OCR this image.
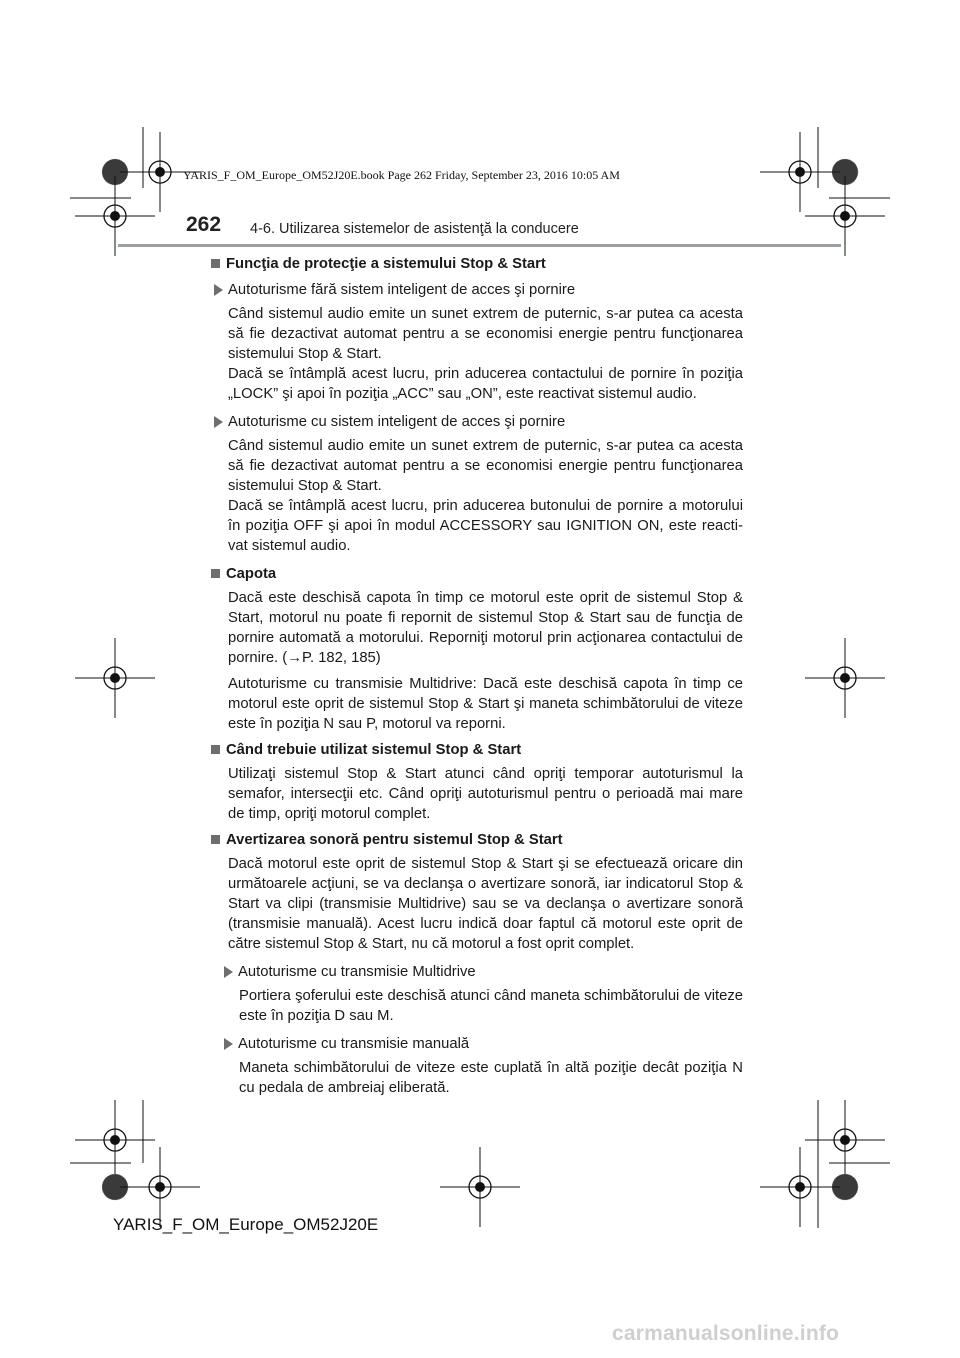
YARIS_F_OM_Europe_OM52J20E.book Page 262 Friday, September 23, 2016 10:05 AM
262 4-6. Utilizarea sistemelor de asistenţă la conducere
Funcţia de protecţie a sistemului Stop & Start
Autoturisme fără sistem inteligent de acces şi pornire
Când sistemul audio emite un sunet extrem de puternic, s-ar putea ca acesta să fie dezactivat automat pentru a se economisi energie pentru funcţionarea sistemului Stop & Start.
Dacă se întâmplă acest lucru, prin aducerea contactului de pornire în poziţia „LOCK” şi apoi în poziţia „ACC” sau „ON”, este reactivat sistemul audio.
Autoturisme cu sistem inteligent de acces şi pornire
Când sistemul audio emite un sunet extrem de puternic, s-ar putea ca acesta să fie dezactivat automat pentru a se economisi energie pentru funcţionarea sistemului Stop & Start.
Dacă se întâmplă acest lucru, prin aducerea butonului de pornire a motorului în poziţia OFF şi apoi în modul ACCESSORY sau IGNITION ON, este reacti-vat sistemul audio.
Capota
Dacă este deschisă capota în timp ce motorul este oprit de sistemul Stop & Start, motorul nu poate fi repornit de sistemul Stop & Start sau de funcţia de pornire automată a motorului. Reporniţi motorul prin acţionarea contactului de pornire. (→P. 182, 185)
Autoturisme cu transmisie Multidrive: Dacă este deschisă capota în timp ce motorul este oprit de sistemul Stop & Start şi maneta schimbătorului de viteze este în poziţia N sau P, motorul va reporni.
Când trebuie utilizat sistemul Stop & Start
Utilizaţi sistemul Stop & Start atunci când opriţi temporar autoturismul la semafor, intersecţii etc. Când opriţi autoturismul pentru o perioadă mai mare de timp, opriţi motorul complet.
Avertizarea sonoră pentru sistemul Stop & Start
Dacă motorul este oprit de sistemul Stop & Start şi se efectuează oricare din următoarele acţiuni, se va declanşa o avertizare sonoră, iar indicatorul Stop & Start va clipi (transmisie Multidrive) sau se va declanşa o avertizare sonoră (transmisie manuală). Acest lucru indică doar faptul că motorul este oprit de către sistemul Stop & Start, nu că motorul a fost oprit complet.
Autoturisme cu transmisie Multidrive
Portiera şoferului este deschisă atunci când maneta schimbătorului de viteze este în poziţia D sau M.
Autoturisme cu transmisie manuală
Maneta schimbătorului de viteze este cuplată în altă poziţie decât poziţia N cu pedala de ambreiaj eliberată.
YARIS_F_OM_Europe_OM52J20E
carmanualsonline.info
